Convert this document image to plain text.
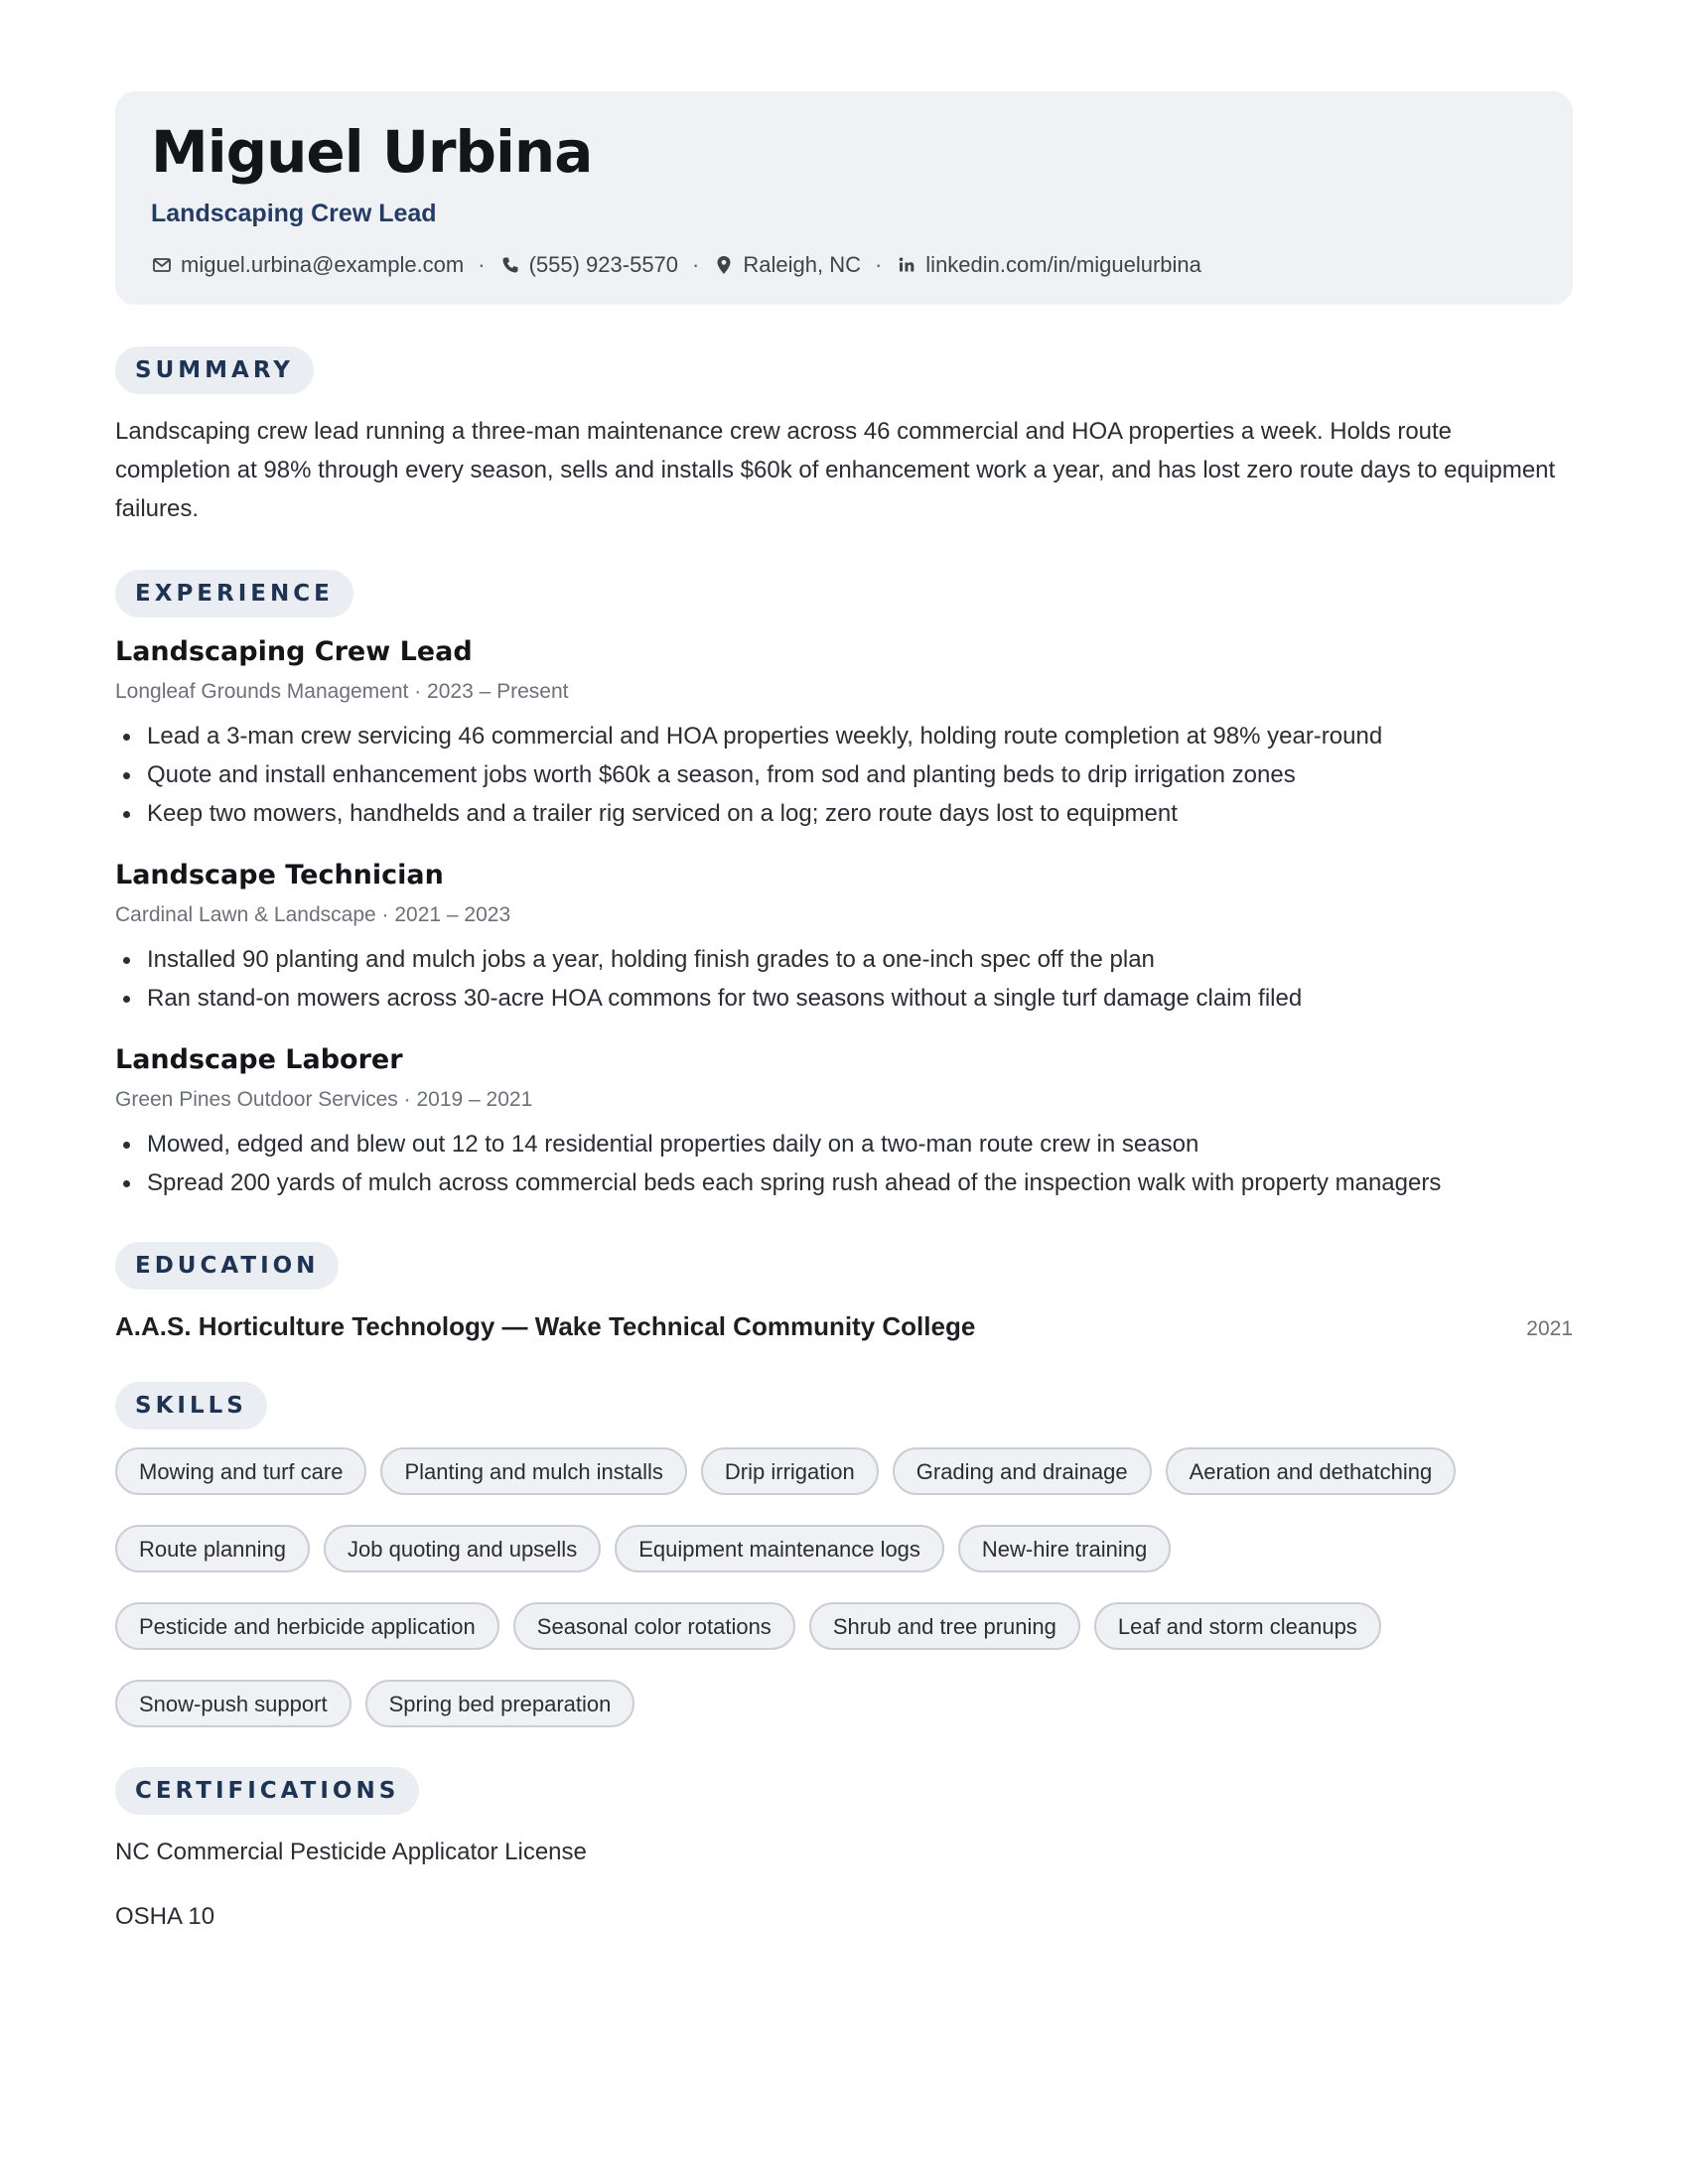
Miguel Urbina
Landscaping Crew Lead
miguel.urbina@example.com · (555) 923-5570 · Raleigh, NC · linkedin.com/in/miguelurbina
SUMMARY
Landscaping crew lead running a three-man maintenance crew across 46 commercial and HOA properties a week. Holds route completion at 98% through every season, sells and installs $60k of enhancement work a year, and has lost zero route days to equipment failures.
EXPERIENCE
Landscaping Crew Lead
Longleaf Grounds Management · 2023 – Present
Lead a 3-man crew servicing 46 commercial and HOA properties weekly, holding route completion at 98% year-round
Quote and install enhancement jobs worth $60k a season, from sod and planting beds to drip irrigation zones
Keep two mowers, handhelds and a trailer rig serviced on a log; zero route days lost to equipment
Landscape Technician
Cardinal Lawn & Landscape · 2021 – 2023
Installed 90 planting and mulch jobs a year, holding finish grades to a one-inch spec off the plan
Ran stand-on mowers across 30-acre HOA commons for two seasons without a single turf damage claim filed
Landscape Laborer
Green Pines Outdoor Services · 2019 – 2021
Mowed, edged and blew out 12 to 14 residential properties daily on a two-man route crew in season
Spread 200 yards of mulch across commercial beds each spring rush ahead of the inspection walk with property managers
EDUCATION
A.A.S. Horticulture Technology — Wake Technical Community College	2021
SKILLS
Mowing and turf care	Planting and mulch installs	Drip irrigation	Grading and drainage	Aeration and dethatching
Route planning	Job quoting and upsells	Equipment maintenance logs	New-hire training
Pesticide and herbicide application	Seasonal color rotations	Shrub and tree pruning	Leaf and storm cleanups
Snow-push support	Spring bed preparation
CERTIFICATIONS
NC Commercial Pesticide Applicator License
OSHA 10
